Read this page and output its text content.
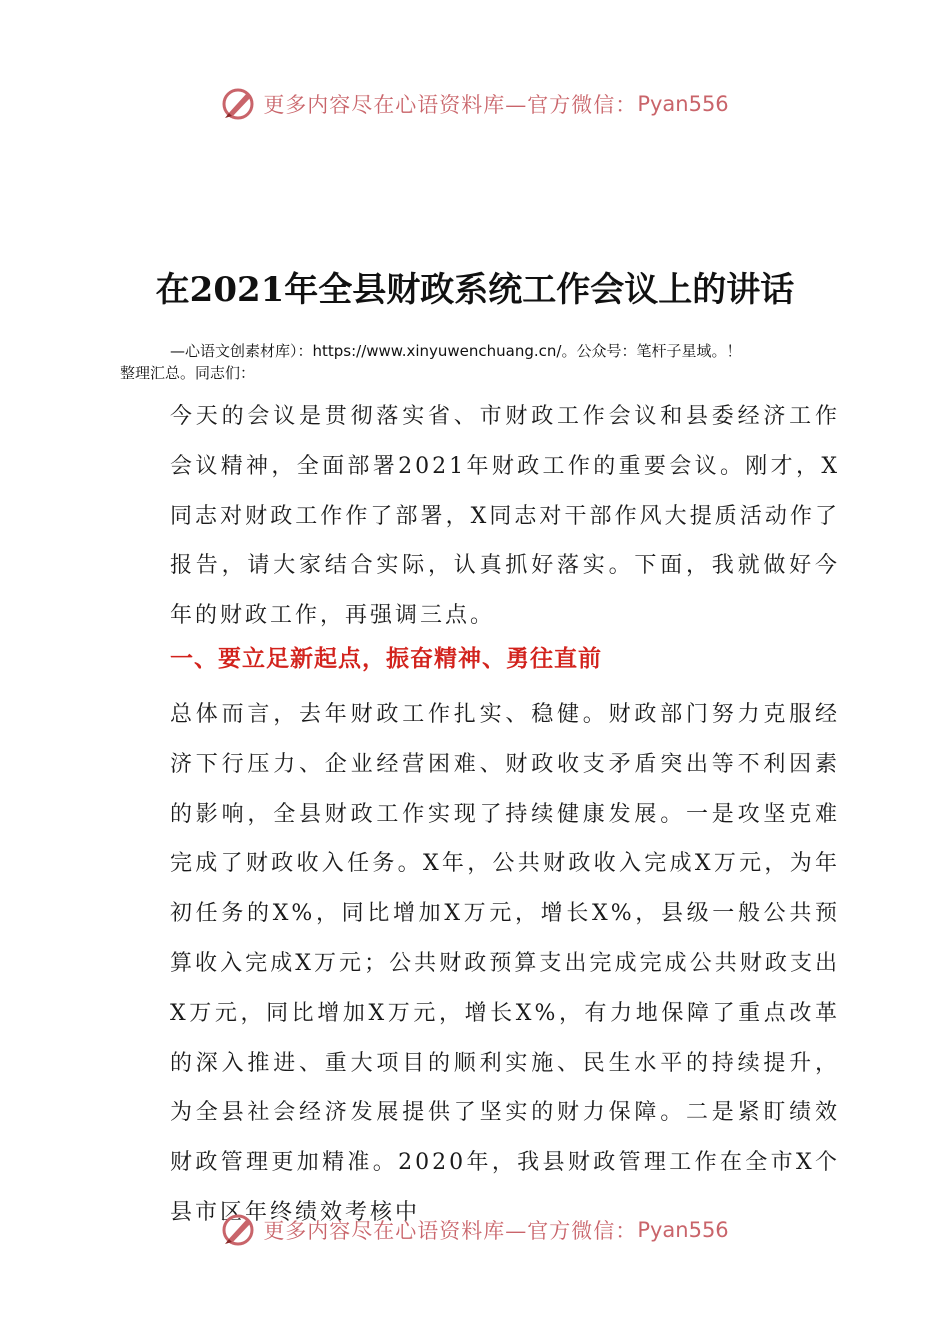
更多内容尽在心语资料库—官方微信： Pyan556
在2021年全县财政系统工作会议上的讲话
—心语文创素材库）：https://www.xinyuwenchuang.cn/。公众号：笔杆子星域。！
整理汇总。同志们：
今天的会议是贯彻落实省、市财政工作会议和县委经济工作会议精神，全面部署2021年财政工作的重要会议。刚才，X同志对财政工作作了部署，X同志对干部作风大提质活动作了报告，请大家结合实际，认真抓好落实。下面，我就做好今年的财政工作，再强调三点。
一、要立足新起点，振奋精神、勇往直前
总体而言，去年财政工作扎实、稳健。财政部门努力克服经济下行压力、企业经营困难、财政收支矛盾突出等不利因素的影响，全县财政工作实现了持续健康发展。一是攻坚克难完成了财政收入任务。X年，公共财政收入完成X万元，为年初任务的X%，同比增加X万元，增长X%，县级一般公共预算收入完成X万元；公共财政预算支出完成完成公共财政支出X万元，同比增加X万元，增长X%，有力地保障了重点改革的深入推进、重大项目的顺利实施、民生水平的持续提升，为全县社会经济发展提供了坚实的财力保障。二是紧盯绩效财政管理更加精准。2020年，我县财政管理工作在全市X个县市区年终绩效考核中
更多内容尽在心语资料库—官方微信： Pyan556
